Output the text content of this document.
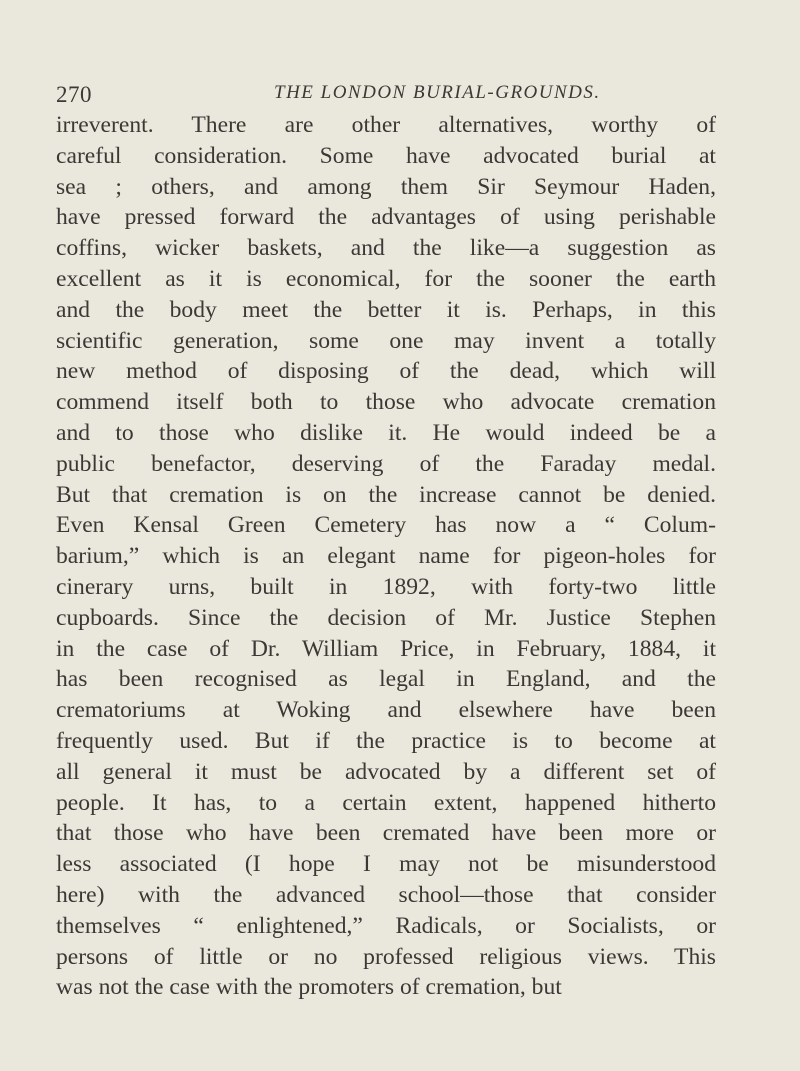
270	THE LONDON BURIAL-GROUNDS.
irreverent. There are other alternatives, worthy of
careful consideration. Some have advocated burial at
sea ; others, and among them Sir Seymour Haden,
have pressed forward the advantages of using perishable
coffins, wicker baskets, and the like—a suggestion as
excellent as it is economical, for the sooner the earth
and the body meet the better it is. Perhaps, in this
scientific generation, some one may invent a totally
new method of disposing of the dead, which will
commend itself both to those who advocate cremation
and to those who dislike it. He would indeed be a
public benefactor, deserving of the Faraday medal.
But that cremation is on the increase cannot be denied.
Even Kensal Green Cemetery has now a “ Colum-
barium,” which is an elegant name for pigeon-holes for
cinerary urns, built in 1892, with forty-two little
cupboards. Since the decision of Mr. Justice Stephen
in the case of Dr. William Price, in February, 1884, it
has been recognised as legal in England, and the
crematoriums at Woking and elsewhere have been
frequently used. But if the practice is to become at
all general it must be advocated by a different set of
people. It has, to a certain extent, happened hitherto
that those who have been cremated have been more or
less associated (I hope I may not be misunderstood
here) with the advanced school—those that consider
themselves “ enlightened,” Radicals, or Socialists, or
persons of little or no professed religious views. This
was not the case with the promoters of cremation, but
